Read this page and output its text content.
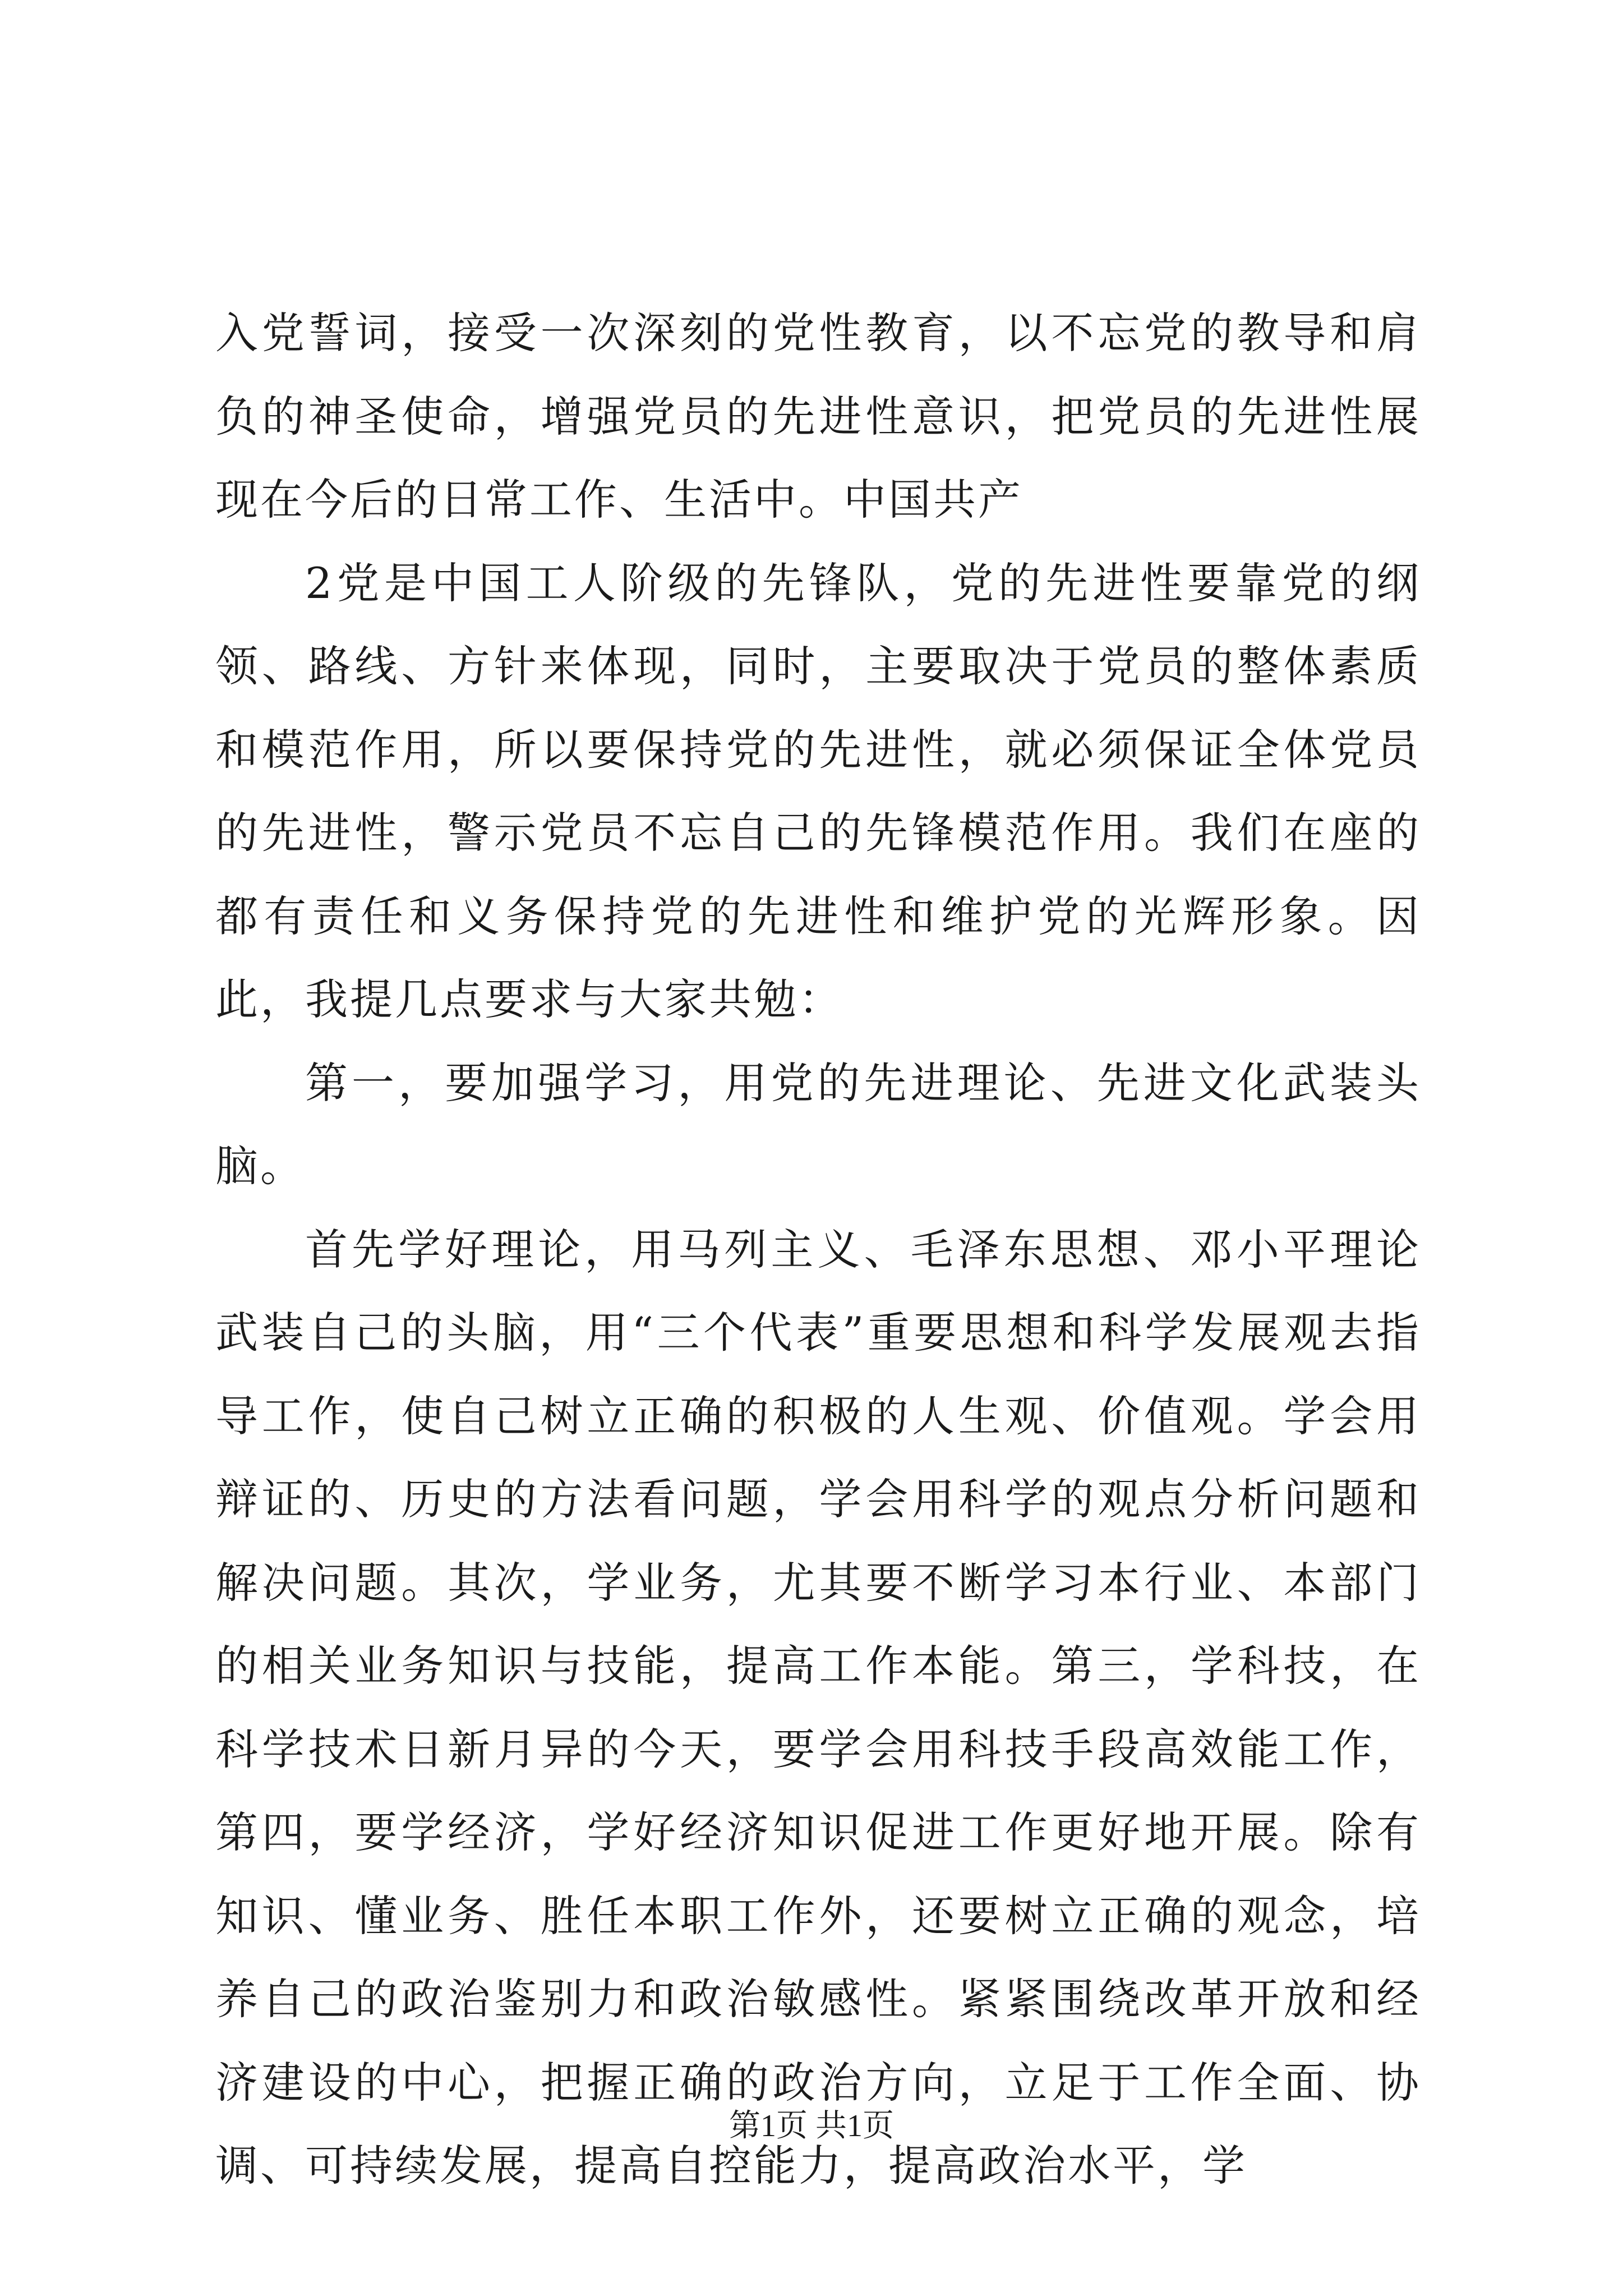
入党誓词，接受一次深刻的党性教育，以不忘党的教导和肩负的神圣使命，增强党员的先进性意识，把党员的先进性展现在今后的日常工作、生活中。中国共产

2党是中国工人阶级的先锋队，党的先进性要靠党的纲领、路线、方针来体现，同时，主要取决于党员的整体素质和模范作用，所以要保持党的先进性，就必须保证全体党员的先进性，警示党员不忘自己的先锋模范作用。我们在座的都有责任和义务保持党的先进性和维护党的光辉形象。因此，我提几点要求与大家共勉：

第一，要加强学习，用党的先进理论、先进文化武装头脑。

首先学好理论，用马列主义、毛泽东思想、邓小平理论武装自己的头脑，用“三个代表”重要思想和科学发展观去指导工作，使自己树立正确的积极的人生观、价值观。学会用辩证的、历史的方法看问题，学会用科学的观点分析问题和解决问题。其次，学业务，尤其要不断学习本行业、本部门的相关业务知识与技能，提高工作本能。第三，学科技，在科学技术日新月异的今天，要学会用科技手段高效能工作，第四，要学经济，学好经济知识促进工作更好地开展。除有知识、懂业务、胜任本职工作外，还要树立正确的观念，培养自己的政治鉴别力和政治敏感性。紧紧围绕改革开放和经济建设的中心，把握正确的政治方向，立足于工作全面、协调、可持续发展，提高自控能力，提高政治水平，学

第1页 共1页
